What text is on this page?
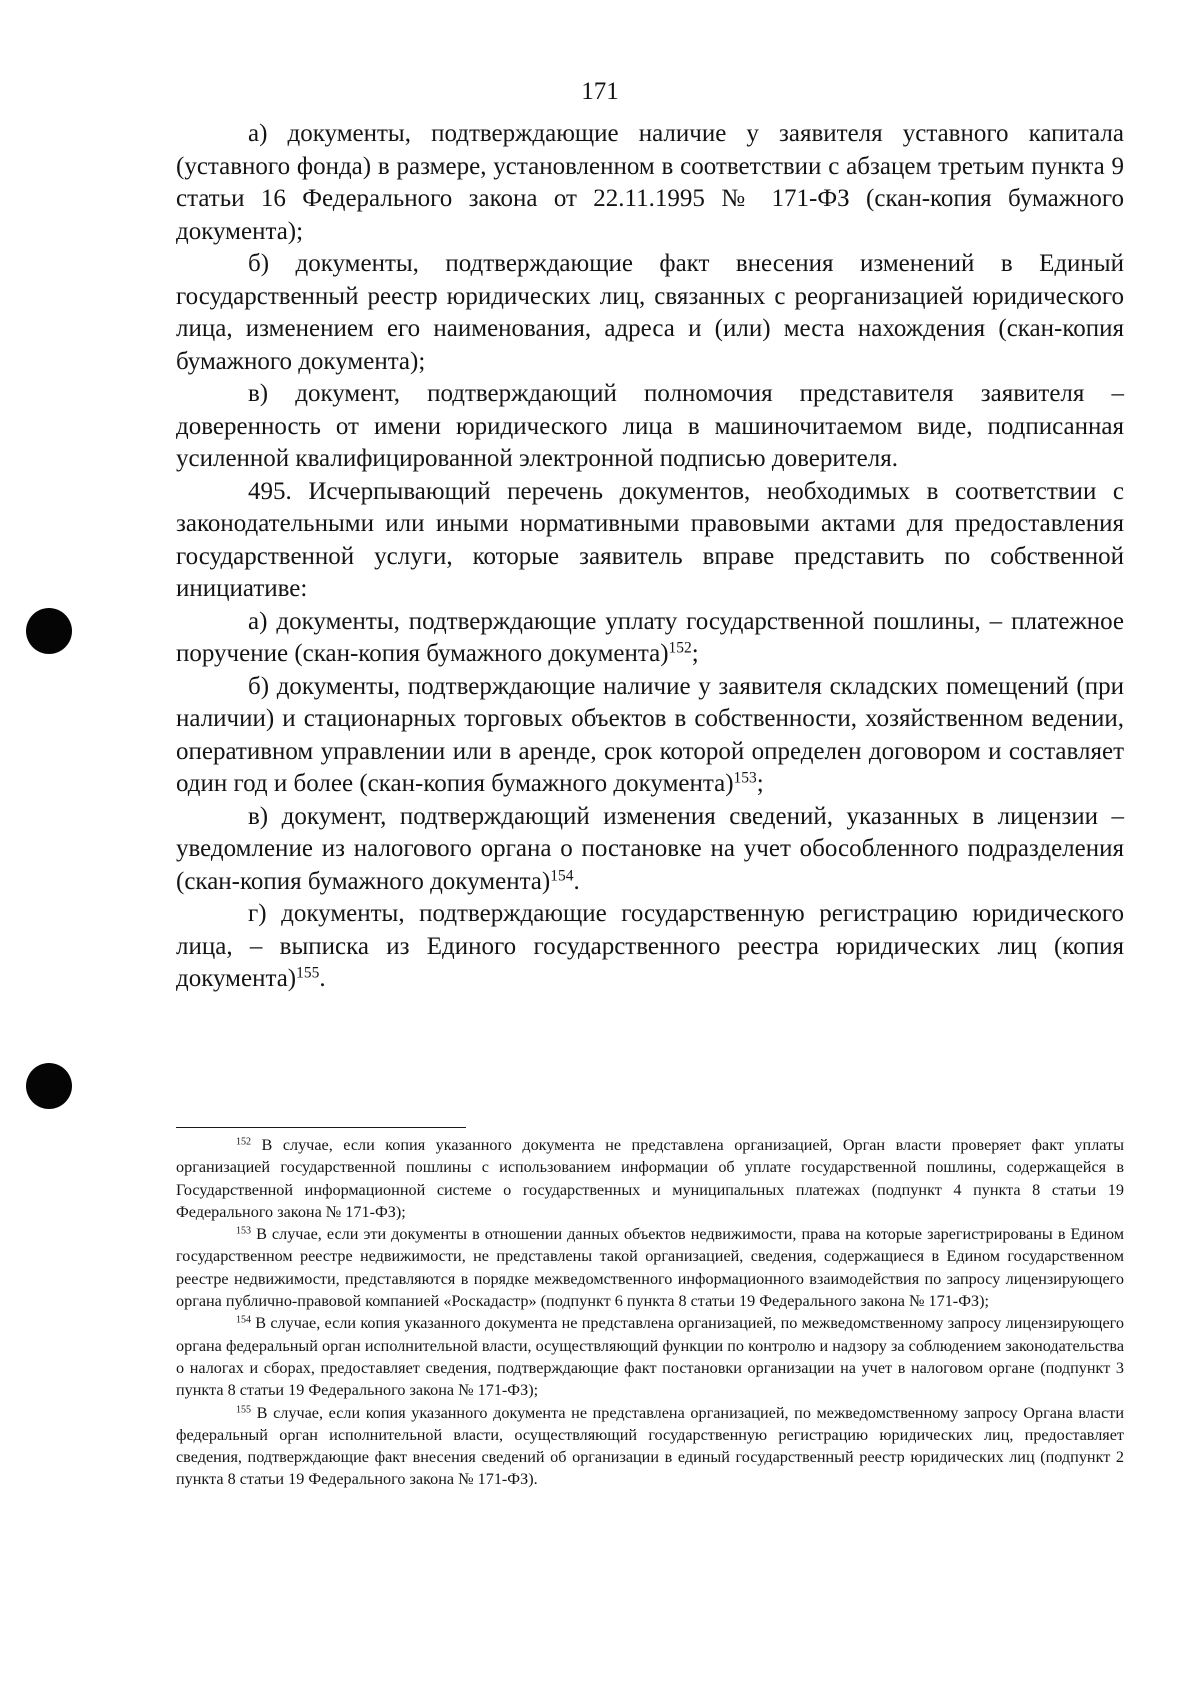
171

а) документы, подтверждающие наличие у заявителя уставного капитала (уставного фонда) в размере, установленном в соответствии с абзацем третьим пункта 9 статьи 16 Федерального закона от 22.11.1995 № 171-ФЗ (скан-копия бумажного документа);

б) документы, подтверждающие факт внесения изменений в Единый государственный реестр юридических лиц, связанных с реорганизацией юридического лица, изменением его наименования, адреса и (или) места нахождения (скан-копия бумажного документа);

в) документ, подтверждающий полномочия представителя заявителя – доверенность от имени юридического лица в машиночитаемом виде, подписанная усиленной квалифицированной электронной подписью доверителя.

495. Исчерпывающий перечень документов, необходимых в соответствии с законодательными или иными нормативными правовыми актами для предоставления государственной услуги, которые заявитель вправе представить по собственной инициативе:

а) документы, подтверждающие уплату государственной пошлины, – платежное поручение (скан-копия бумажного документа)$^{152}$;

б) документы, подтверждающие наличие у заявителя складских помещений (при наличии) и стационарных торговых объектов в собственности, хозяйственном ведении, оперативном управлении или в аренде, срок которой определен договором и составляет один год и более (скан-копия бумажного документа)$^{153}$;

в) документ, подтверждающий изменения сведений, указанных в лицензии – уведомление из налогового органа о постановке на учет обособленного подразделения (скан-копия бумажного документа)$^{154}$.

г) документы, подтверждающие государственную регистрацию юридического лица, – выписка из Единого государственного реестра юридических лиц (копия документа)$^{155}$.

$^{152}$ В случае, если копия указанного документа не представлена организацией, Орган власти проверяет факт уплаты организацией государственной пошлины с использованием информации об уплате государственной пошлины, содержащейся в Государственной информационной системе о государственных и муниципальных платежах (подпункт 4 пункта 8 статьи 19 Федерального закона № 171-ФЗ);

$^{153}$ В случае, если эти документы в отношении данных объектов недвижимости, права на которые зарегистрированы в Едином государственном реестре недвижимости, не представлены такой организацией, сведения, содержащиеся в Едином государственном реестре недвижимости, представляются в порядке межведомственного информационного взаимодействия по запросу лицензирующего органа публично-правовой компанией «Роскадастр» (подпункт 6 пункта 8 статьи 19 Федерального закона № 171-ФЗ);

$^{154}$ В случае, если копия указанного документа не представлена организацией, по межведомственному запросу лицензирующего органа федеральный орган исполнительной власти, осуществляющий функции по контролю и надзору за соблюдением законодательства о налогах и сборах, предоставляет сведения, подтверждающие факт постановки организации на учет в налоговом органе (подпункт 3 пункта 8 статьи 19 Федерального закона № 171-ФЗ);

$^{155}$ В случае, если копия указанного документа не представлена организацией, по межведомственному запросу Органа власти федеральный орган исполнительной власти, осуществляющий государственную регистрацию юридических лиц, предоставляет сведения, подтверждающие факт внесения сведений об организации в единый государственный реестр юридических лиц (подпункт 2 пункта 8 статьи 19 Федерального закона № 171-ФЗ).
